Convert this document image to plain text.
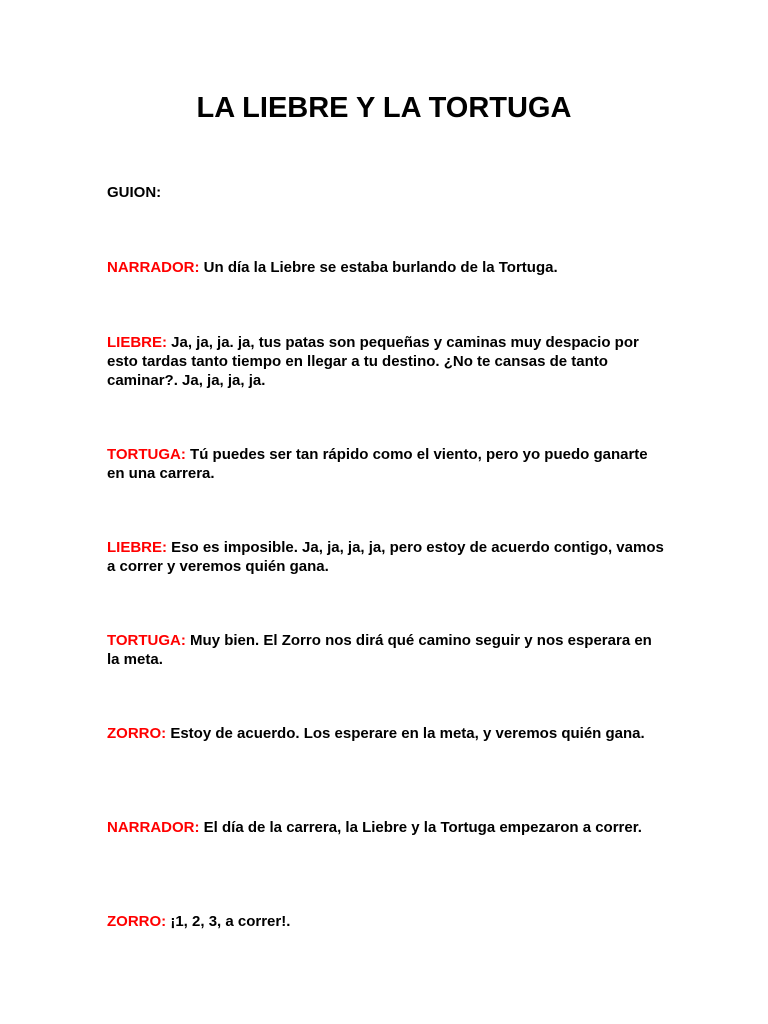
LA LIEBRE Y LA TORTUGA

GUION:

NARRADOR: Un día la Liebre se estaba burlando de la Tortuga.

LIEBRE: Ja, ja, ja. ja, tus patas son pequeñas y caminas muy despacio por esto tardas tanto tiempo en llegar a tu destino. ¿No te cansas de tanto caminar?. Ja, ja, ja, ja.

TORTUGA: Tú puedes ser tan rápido como el viento, pero yo puedo ganarte en una carrera.

LIEBRE: Eso es imposible. Ja, ja, ja, ja, pero estoy de acuerdo contigo, vamos a correr y veremos quién gana.

TORTUGA: Muy bien. El Zorro nos dirá qué camino seguir y nos esperara en la meta.

ZORRO: Estoy de acuerdo. Los esperare en la meta, y veremos quién gana.

NARRADOR: El día de la carrera, la Liebre y la Tortuga empezaron a correr.

ZORRO: ¡1, 2, 3, a correr!.
